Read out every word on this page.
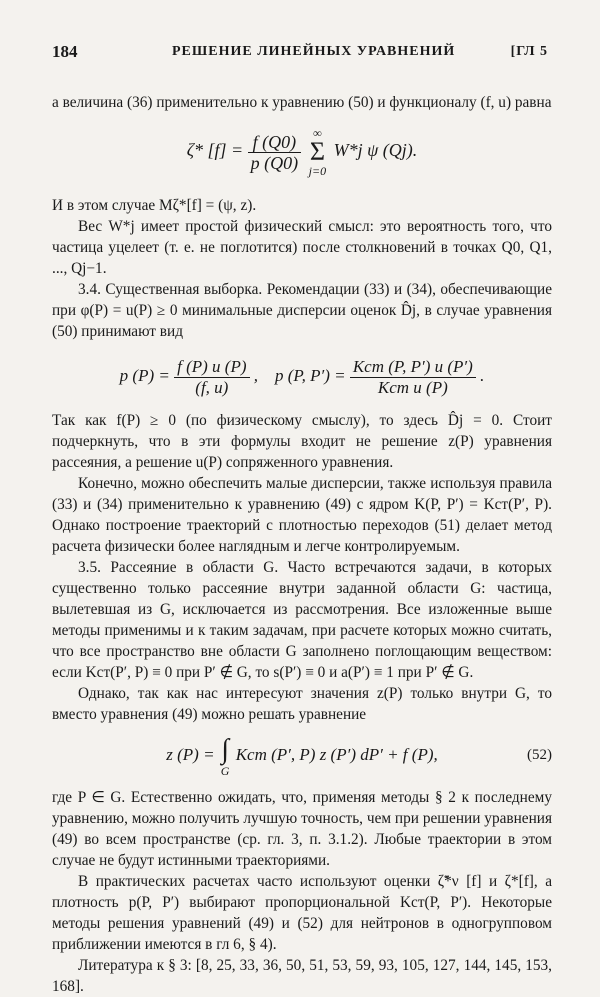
184	РЕШЕНИЕ ЛИНЕЙНЫХ УРАВНЕНИЙ	[ГЛ 5

а величина (36) применительно к уравнению (50) и функционалу (f, u) равна

ζ* $[f] = \frac{f (Q0)}{p (Q0)}$ ∞
Σ
j=0 W*j ψ (Qj).

И в этом случае Mζ*[f] = (ψ, z).

Вес W*j имеет простой физический смысл: это вероятность того, что частица уцелеет (т. е. не поглотится) после столкновений в точках Q0, Q1, ..., Qj−1.

3.4. Существенная выборка. Рекомендации (33) и (34), обеспечивающие при φ(P) = u(P) ≥ 0 минимальные дисперсии оценок D̂j, в случае уравнения (50) принимают вид

p $(P) = \frac{f (P) u (P)}{(f, u)}$ , p (P, $P') = \frac{\text{Kст (P, P′) u (P′)}}{\text{Kст u (P)}}$ .

Так как f(P) ≥ 0 (по физическому смыслу), то здесь D̂j = 0. Стоит подчеркнуть, что в эти формулы входит не решение z(P) уравнения рассеяния, а решение u(P) сопряженного уравнения.

Конечно, можно обеспечить малые дисперсии, также используя правила (33) и (34) применительно к уравнению (49) с ядром K(P, P′) = Kст(P′, P). Однако построение траекторий с плотностью переходов (51) делает метод расчета физически более наглядным и легче контролируемым.

3.5. Рассеяние в области G. Часто встречаются задачи, в которых существенно только рассеяние внутри заданной области G: частица, вылетевшая из G, исключается из рассмотрения. Все изложенные выше методы применимы и к таким задачам, при расчете которых можно считать, что все пространство вне области G заполнено поглощающим веществом: если Kст(P′, P) ≡ 0 при P′ ∉ G, то s(P′) ≡ 0 и a(P′) ≡ 1 при P′ ∉ G.

Однако, так как нас интересуют значения z(P) только внутри G, то вместо уравнения (49) можно решать уравнение

z (P) = ∫
G Kст (P′, P) z (P′) dP′ + f (P),	(52)

где P ∈ G. Естественно ожидать, что, применяя методы § 2 к последнему уравнению, можно получить лучшую точность, чем при решении уравнения (49) во всем пространстве (ср. гл. 3, п. 3.1.2). Любые траектории в этом случае не будут истинными траекториями.

В практических расчетах часто используют оценки ζ̃*ν [f] и ζ*[f], а плотность p(P, P′) выбирают пропорциональной Kст(P, P′). Некоторые методы решения уравнений (49) и (52) для нейтронов в одногрупповом приближении имеются в гл 6, § 4).

Литература к § 3: [8, 25, 33, 36, 50, 51, 53, 59, 93, 105, 127, 144, 145, 153, 168].
